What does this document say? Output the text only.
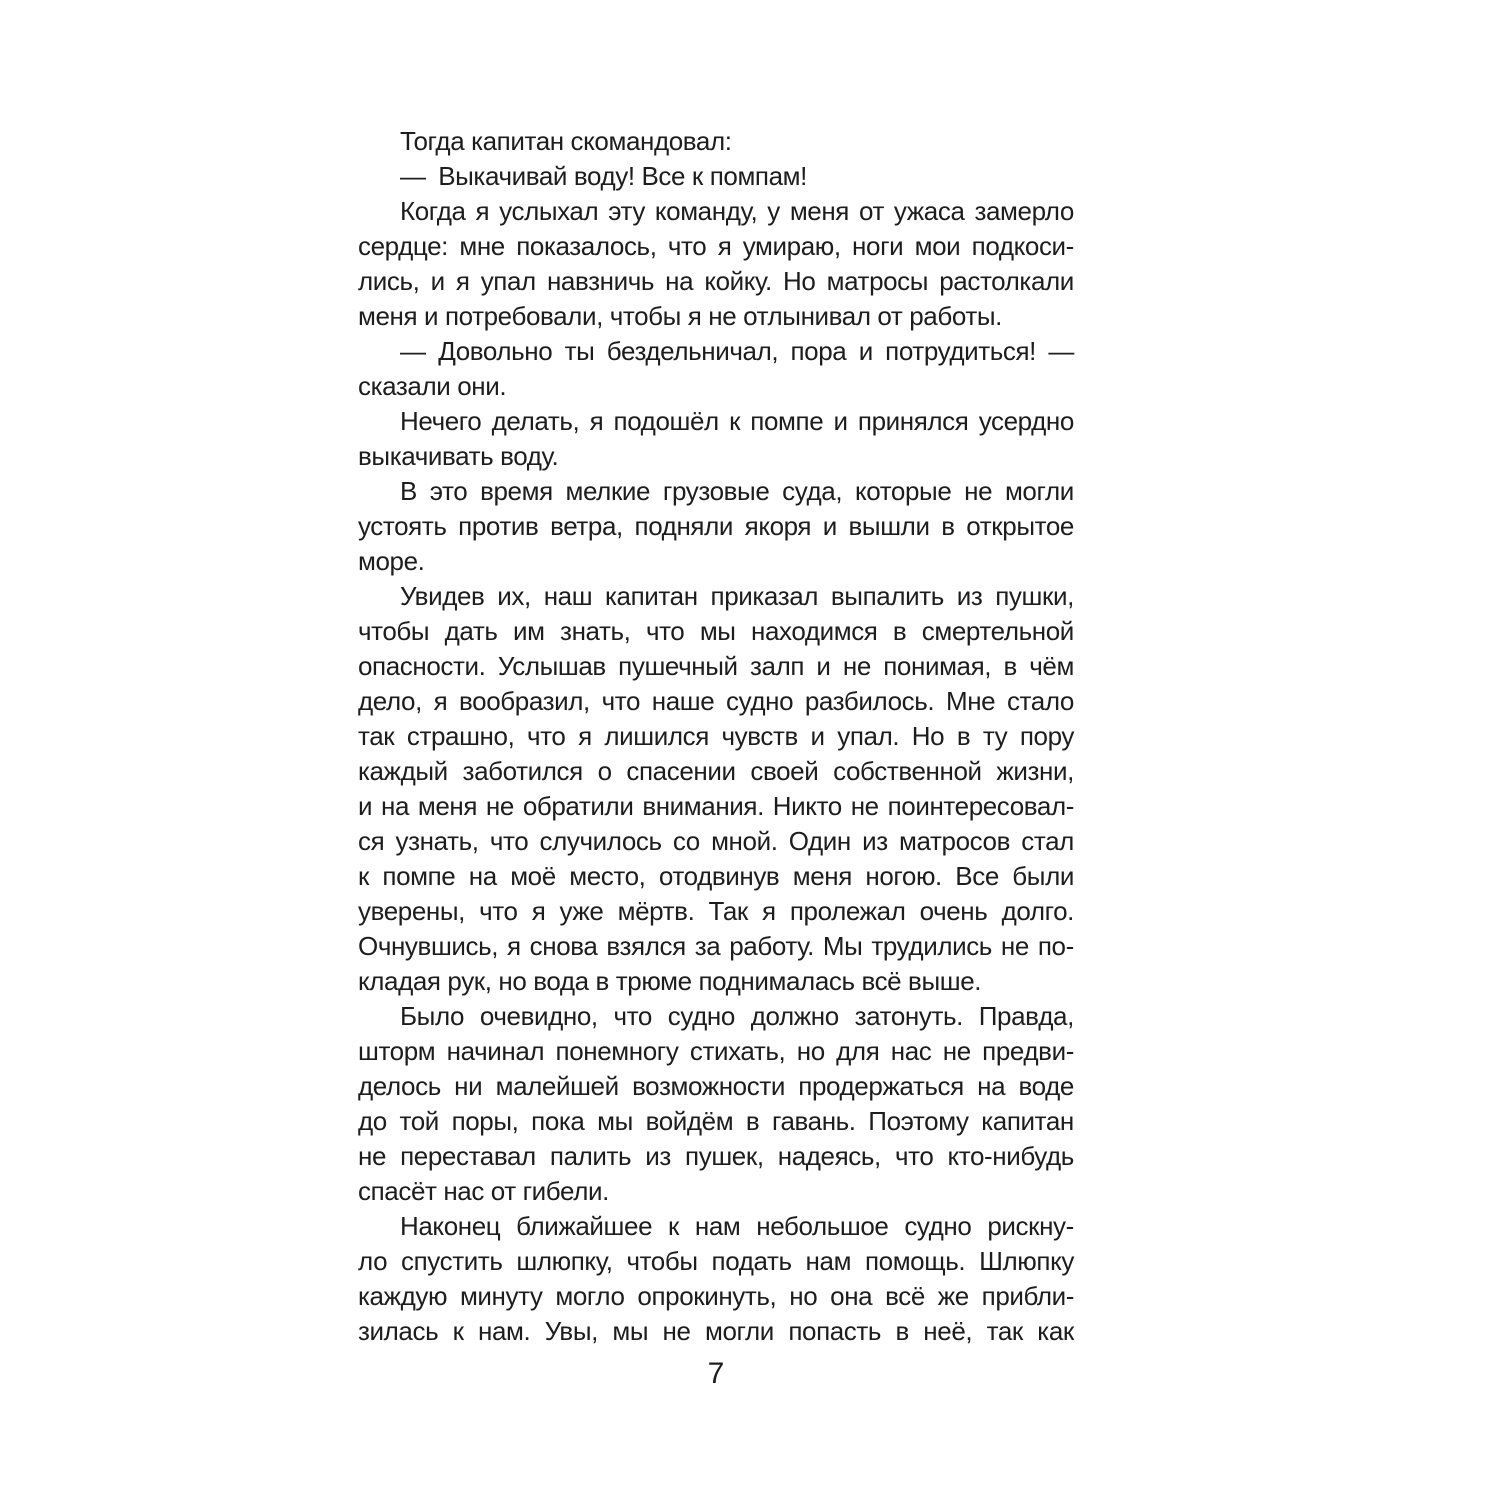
Тогда капитан скомандовал:
— Выкачивай воду! Все к помпам!
Когда я услыхал эту команду, у меня от ужаса замерло
сердце: мне показалось, что я умираю, ноги мои подкоси-
лись, и я упал навзничь на койку. Но матросы растолкали
меня и потребовали, чтобы я не отлынивал от работы.
— Довольно ты бездельничал, пора и потрудиться! —
сказали они.
Нечего делать, я подошёл к помпе и принялся усердно
выкачивать воду.
В это время мелкие грузовые суда, которые не могли
устоять против ветра, подняли якоря и вышли в открытое
море.
Увидев их, наш капитан приказал выпалить из пушки,
чтобы дать им знать, что мы находимся в смертельной
опасности. Услышав пушечный залп и не понимая, в чём
дело, я вообразил, что наше судно разбилось. Мне стало
так страшно, что я лишился чувств и упал. Но в ту пору
каждый заботился о спасении своей собственной жизни,
и на меня не обратили внимания. Никто не поинтересовал-
ся узнать, что случилось со мной. Один из матросов стал
к помпе на моё место, отодвинув меня ногою. Все были
уверены, что я уже мёртв. Так я пролежал очень долго.
Очнувшись, я снова взялся за работу. Мы трудились не по-
кладая рук, но вода в трюме поднималась всё выше.
Было очевидно, что судно должно затонуть. Правда,
шторм начинал понемногу стихать, но для нас не предви-
делось ни малейшей возможности продержаться на воде
до той поры, пока мы войдём в гавань. Поэтому капитан
не переставал палить из пушек, надеясь, что кто-нибудь
спасёт нас от гибели.
Наконец ближайшее к нам небольшое судно рискну-
ло спустить шлюпку, чтобы подать нам помощь. Шлюпку
каждую минуту могло опрокинуть, но она всё же прибли-
зилась к нам. Увы, мы не могли попасть в неё, так как
7
